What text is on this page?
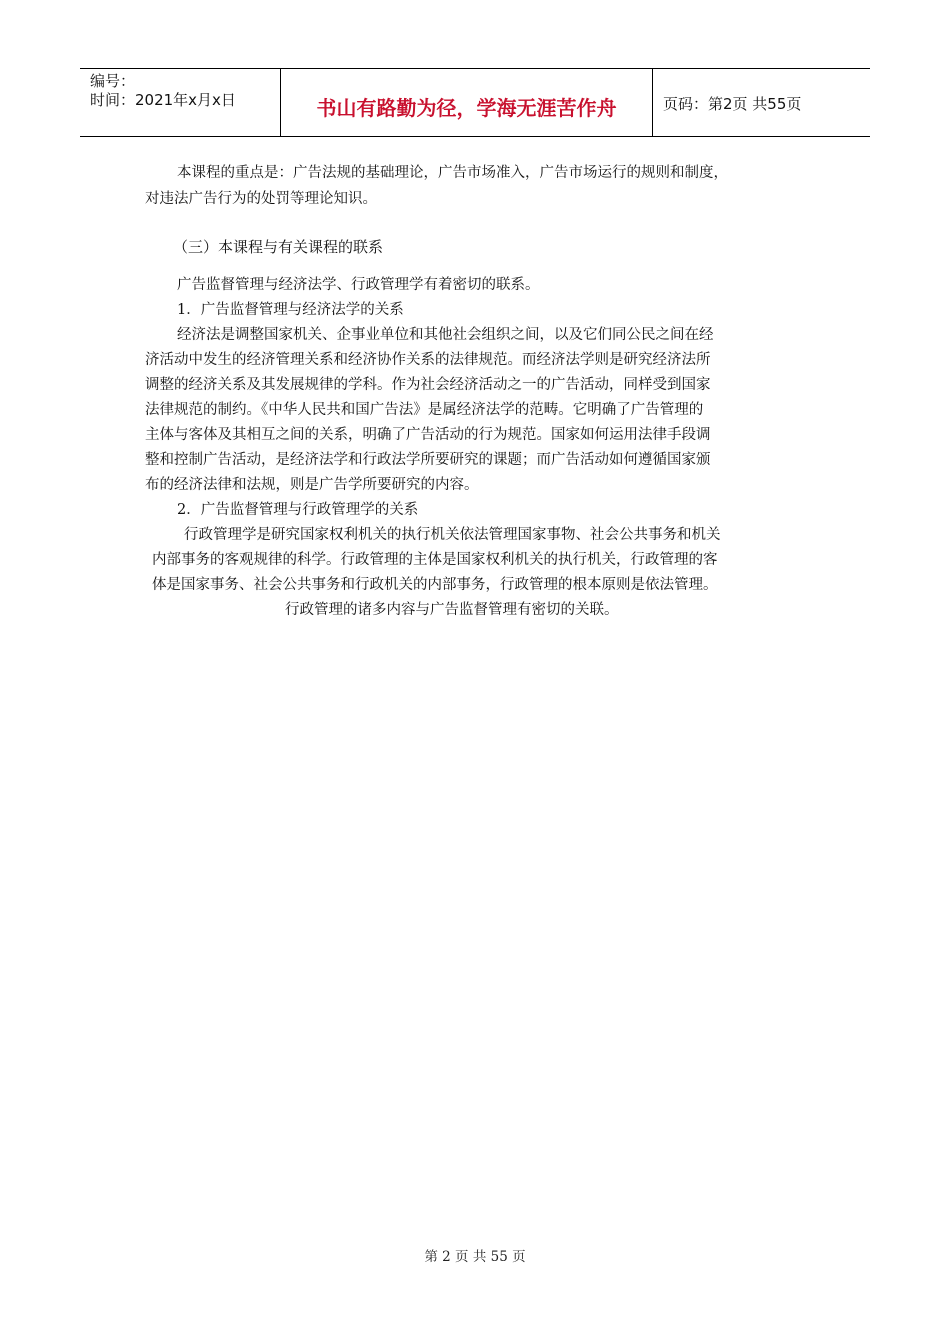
编号：
时间：2021年x月x日	书山有路勤为径，学海无涯苦作舟	页码：第2页 共55页
本课程的重点是：广告法规的基础理论，广告市场准入，广告市场运行的规则和制度，
对违法广告行为的处罚等理论知识。
（三）本课程与有关课程的联系
广告监督管理与经济法学、行政管理学有着密切的联系。
1．广告监督管理与经济法学的关系
经济法是调整国家机关、企事业单位和其他社会组织之间，以及它们同公民之间在经
济活动中发生的经济管理关系和经济协作关系的法律规范。而经济法学则是研究经济法所
调整的经济关系及其发展规律的学科。作为社会经济活动之一的广告活动，同样受到国家
法律规范的制约。《中华人民共和国广告法》是属经济法学的范畴。它明确了广告管理的
主体与客体及其相互之间的关系，明确了广告活动的行为规范。国家如何运用法律手段调
整和控制广告活动，是经济法学和行政法学所要研究的课题；而广告活动如何遵循国家颁
布的经济法律和法规，则是广告学所要研究的内容。
2．广告监督管理与行政管理学的关系
行政管理学是研究国家权利机关的执行机关依法管理国家事物、社会公共事务和机关
内部事务的客观规律的科学。行政管理的主体是国家权利机关的执行机关，行政管理的客
体是国家事务、社会公共事务和行政机关的内部事务，行政管理的根本原则是依法管理。
行政管理的诸多内容与广告监督管理有密切的关联。
第 2 页 共 55 页
